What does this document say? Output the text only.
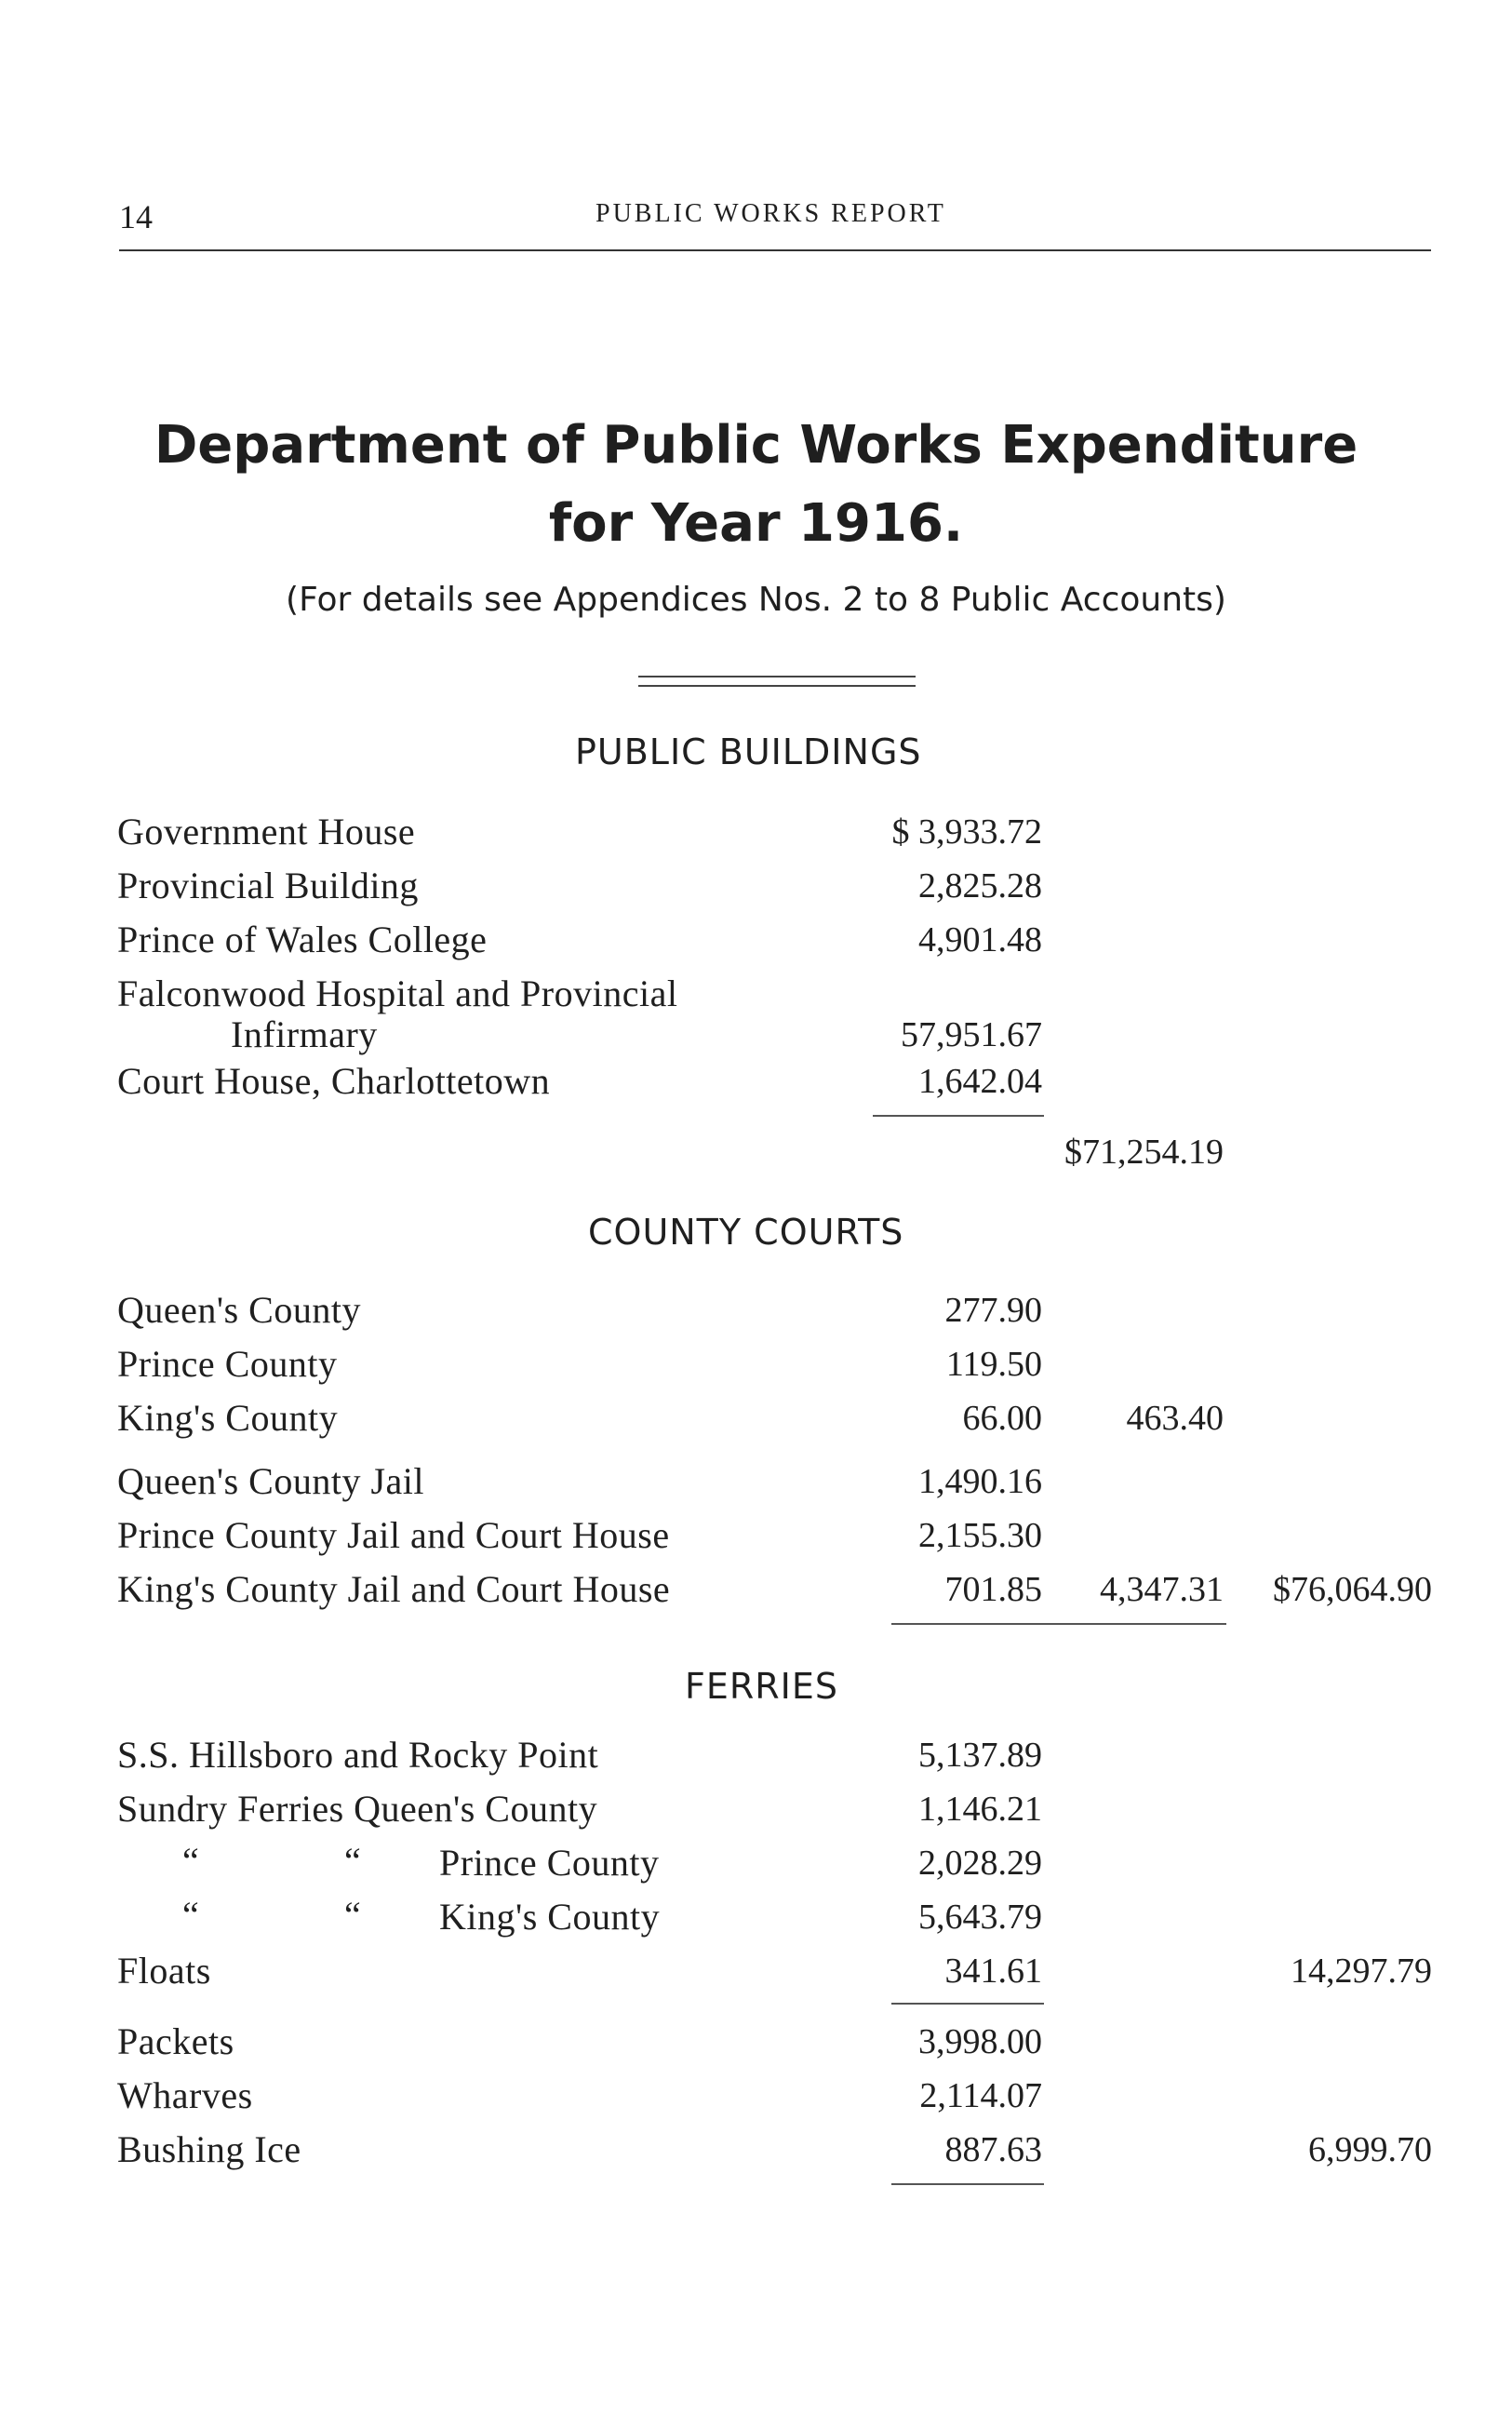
14	PUBLIC WORKS REPORT
Department of Public Works Expenditure
for Year 1916.
(For details see Appendices Nos. 2 to 8 Public Accounts)
PUBLIC BUILDINGS
Government House	$ 3,933.72
Provincial Building	2,825.28
Prince of Wales College	4,901.48
Falconwood Hospital and Provincial
Infirmary	57,951.67
Court House, Charlottetown	1,642.04
$71,254.19
COUNTY COURTS
Queen's County	277.90
Prince County	119.50
King's County	66.00 463.40
Queen's County Jail	1,490.16
Prince County Jail and Court House	2,155.30
King's County Jail and Court House	701.85 4,347.31 $76,064.90
FERRIES
S.S. Hillsboro and Rocky Point	5,137.89
Sundry Ferries Queen's County	1,146.21
“	“ Prince County	2,028.29
“	“ King's County	5,643.79
Floats	341.61	14,297.79
Packets	3,998.00
Wharves	2,114.07
Bushing Ice	887.63	6,999.70
